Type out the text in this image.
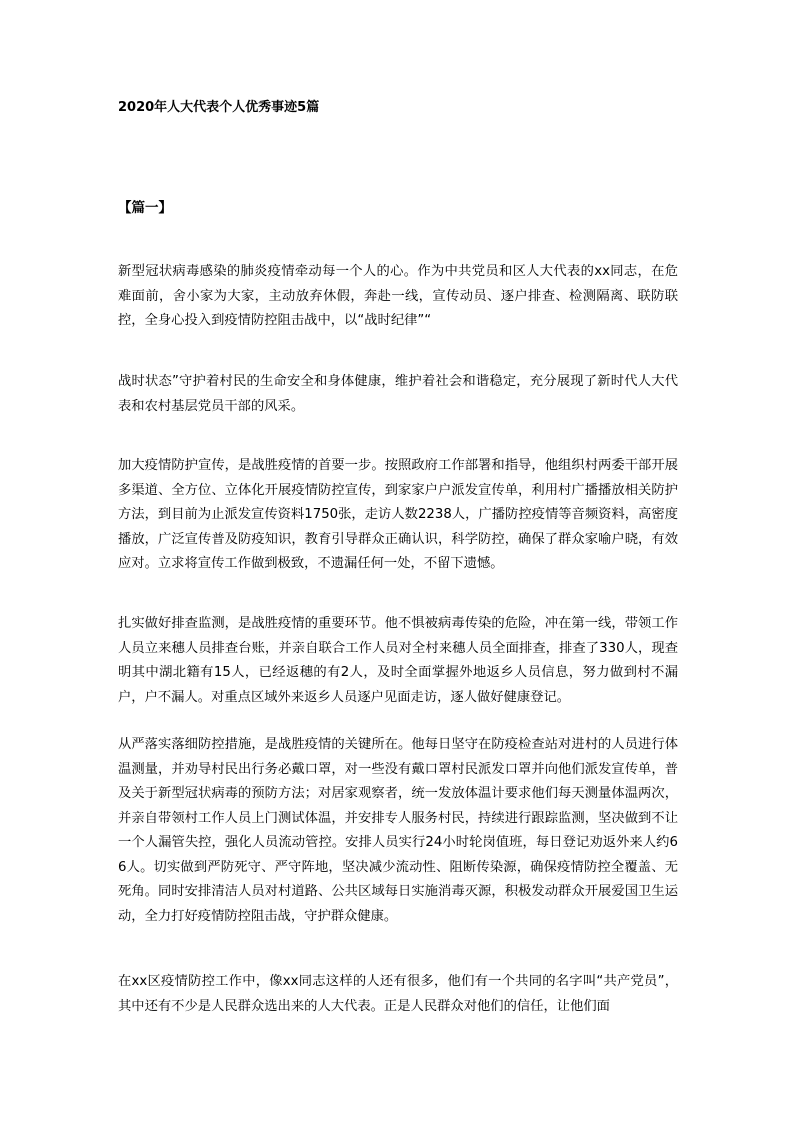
2020年人大代表个人优秀事迹5篇
【篇一】

新型冠状病毒感染的肺炎疫情牵动每一个人的心。作为中共党员和区人大代表的xx同志，在危难面前，舍小家为大家，主动放弃休假，奔赴一线，宣传动员、逐户排查、检测隔离、联防联控，全身心投入到疫情防控阻击战中，以“战时纪律”“

战时状态”守护着村民的生命安全和身体健康，维护着社会和谐稳定，充分展现了新时代人大代表和农村基层党员干部的风采。

加大疫情防护宣传，是战胜疫情的首要一步。按照政府工作部署和指导，他组织村两委干部开展多渠道、全方位、立体化开展疫情防控宣传，到家家户户派发宣传单，利用村广播播放相关防护方法，到目前为止派发宣传资料1750张，走访人数2238人，广播防控疫情等音频资料，高密度播放，广泛宣传普及防疫知识，教育引导群众正确认识，科学防控，确保了群众家喻户晓，有效应对。立求将宣传工作做到极致，不遗漏任何一处，不留下遗憾。

扎实做好排查监测，是战胜疫情的重要环节。他不惧被病毒传染的危险，冲在第一线，带领工作人员立来穗人员排查台账，并亲自联合工作人员对全村来穗人员全面排查，排查了330人，现查明其中湖北籍有15人，已经返穗的有2人，及时全面掌握外地返乡人员信息，努力做到村不漏户，户不漏人。对重点区域外来返乡人员逐户见面走访，逐人做好健康登记。

从严落实落细防控措施，是战胜疫情的关键所在。他每日坚守在防疫检查站对进村的人员进行体温测量，并劝导村民出行务必戴口罩，对一些没有戴口罩村民派发口罩并向他们派发宣传单，普及关于新型冠状病毒的预防方法；对居家观察者，统一发放体温计要求他们每天测量体温两次，并亲自带领村工作人员上门测试体温，并安排专人服务村民，持续进行跟踪监测，坚决做到不让一个人漏管失控，强化人员流动管控。安排人员实行24小时轮岗值班，每日登记劝返外来人约66人。切实做到严防死守、严守阵地，坚决减少流动性、阻断传染源，确保疫情防控全覆盖、无死角。同时安排清洁人员对村道路、公共区域每日实施消毒灭源，积极发动群众开展爱国卫生运动，全力打好疫情防控阻击战，守护群众健康。

在xx区疫情防控工作中，像xx同志这样的人还有很多，他们有一个共同的名字叫“共产党员”，其中还有不少是人民群众选出来的人大代表。正是人民群众对他们的信任，让他们面
